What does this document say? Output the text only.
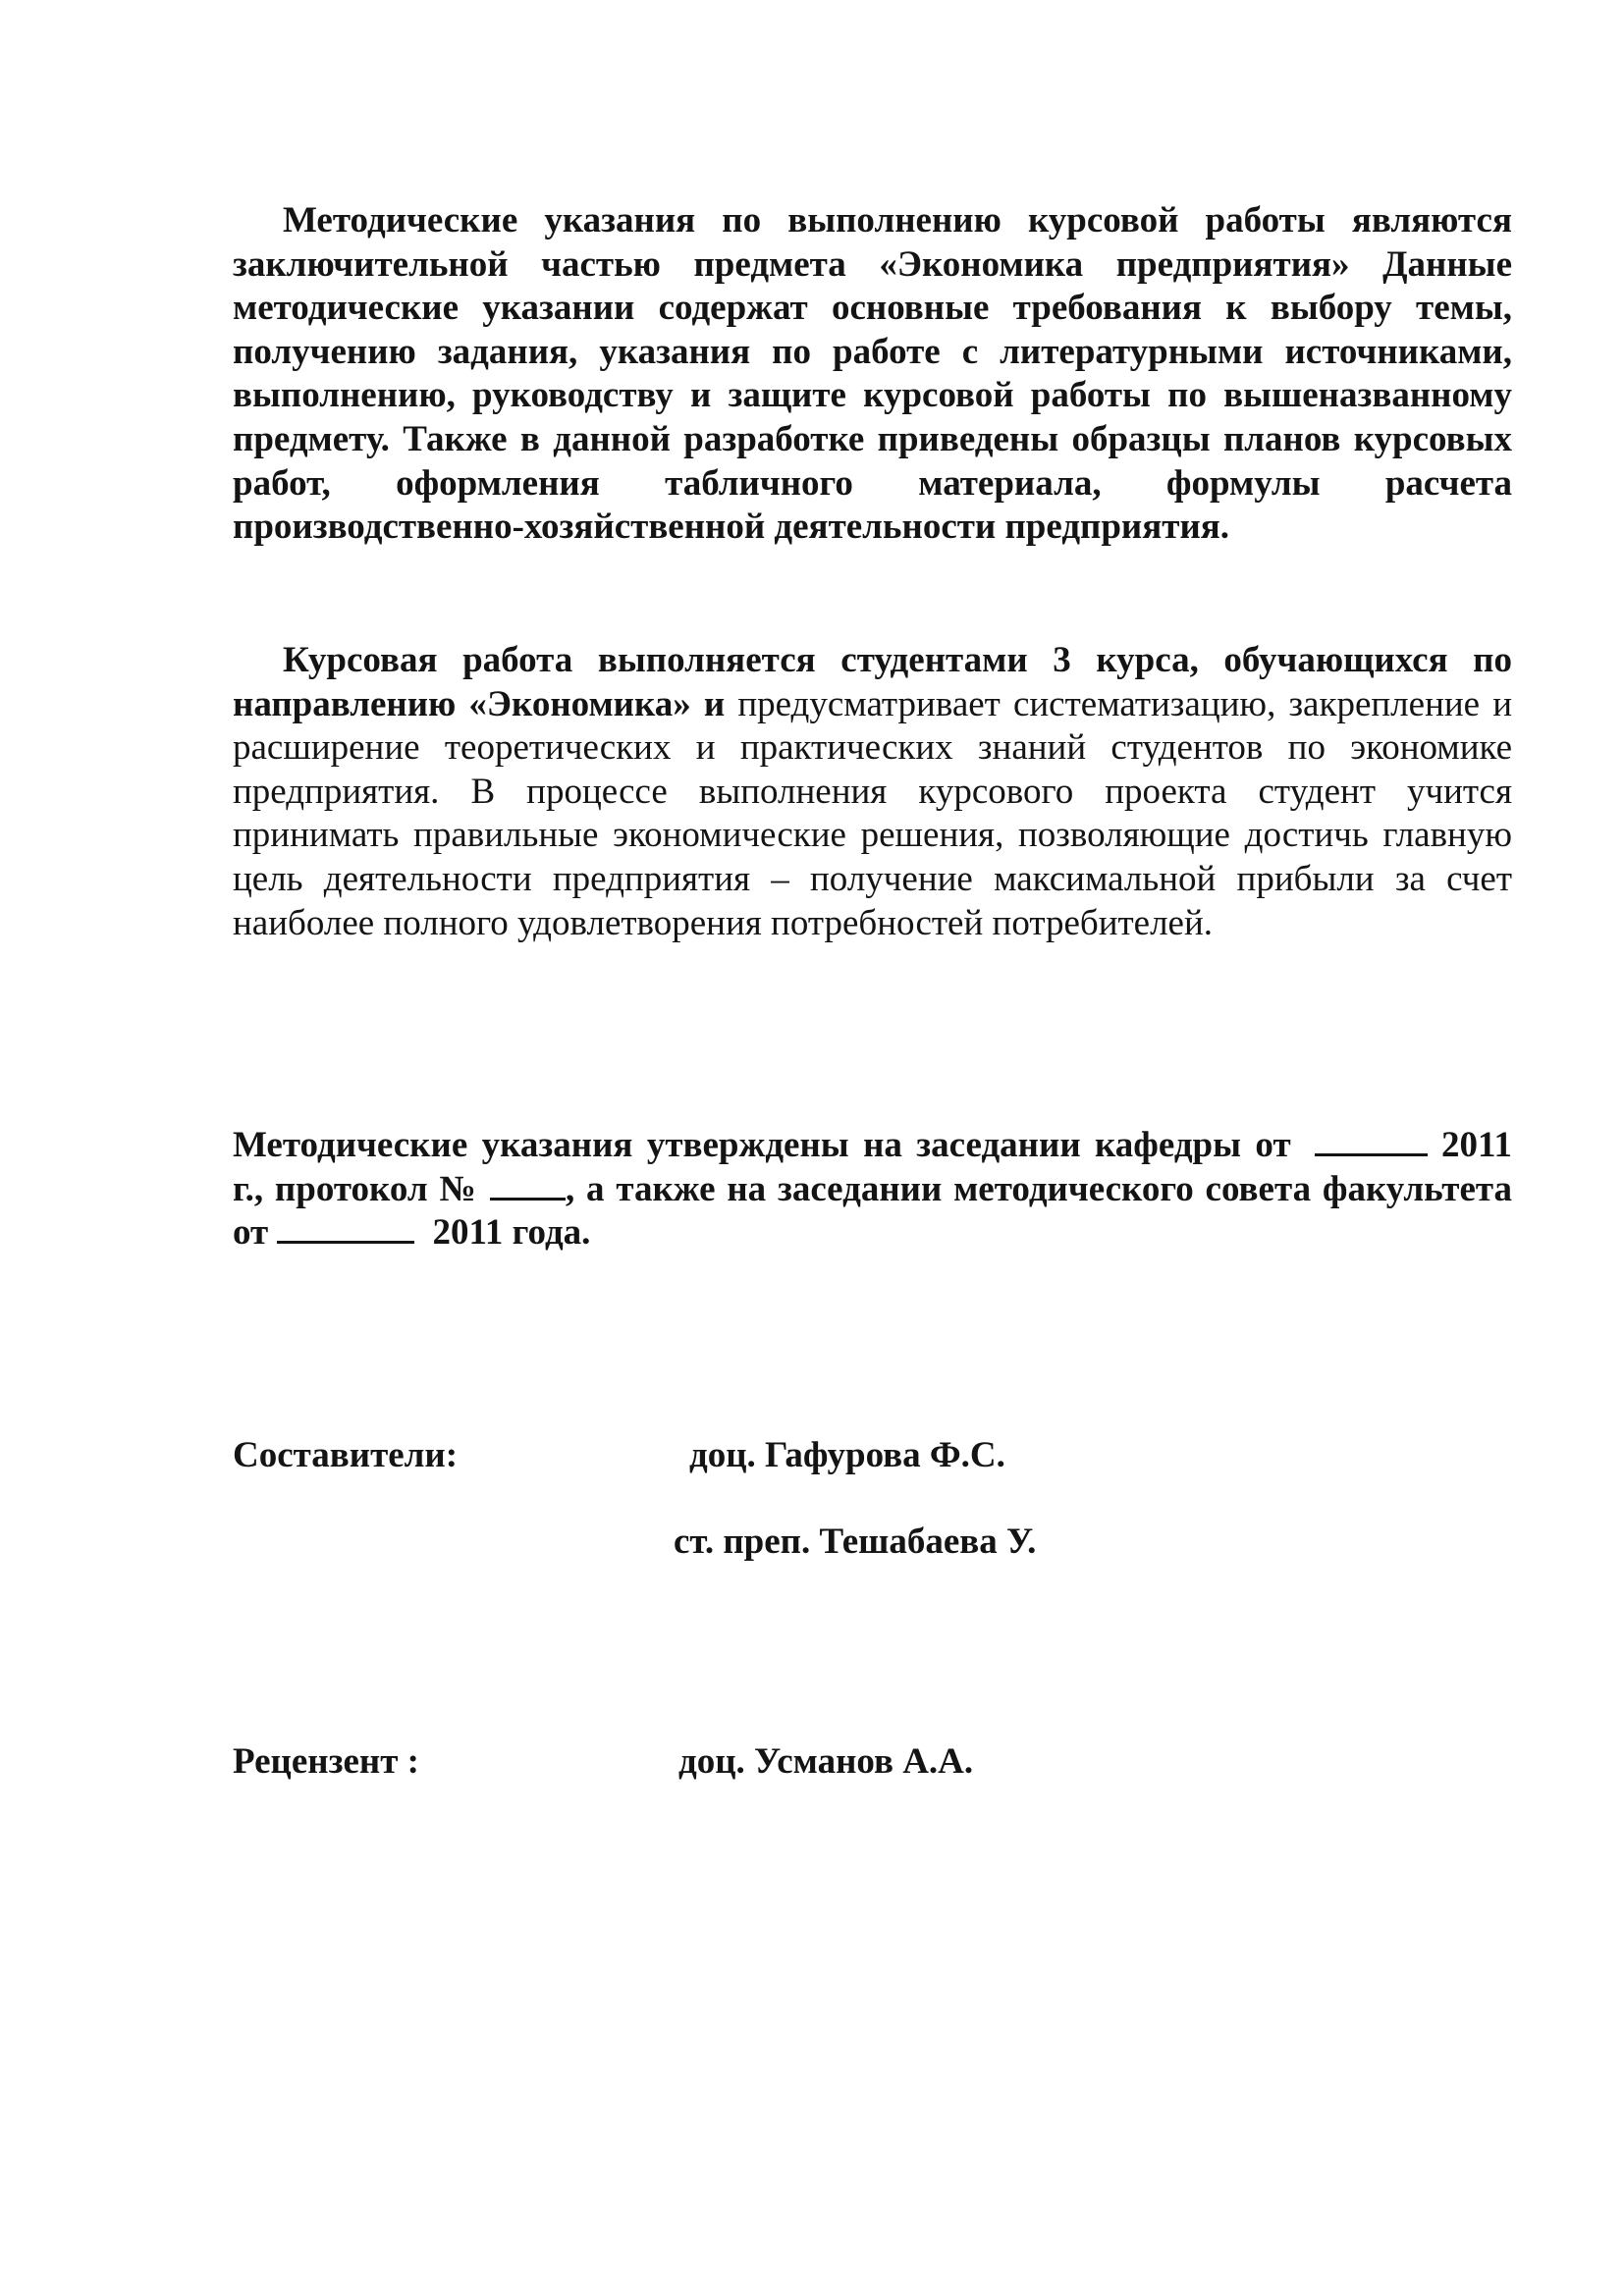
Методические указания по выполнению курсовой работы являются заключительной частью предмета «Экономика предприятия» Данные методические указании содержат основные требования к выбору темы, получению задания, указания по работе с литературными источниками, выполнению, руководству и защите курсовой работы по вышеназванному предмету. Также в данной разработке приведены образцы планов курсовых работ, оформления табличного материала, формулы расчета производственно-хозяйственной деятельности предприятия.

Курсовая работа выполняется студентами 3 курса, обучающихся по направлению «Экономика» и предусматривает систематизацию, закрепление и расширение теоретических и практических знаний студентов по экономике предприятия. В процессе выполнения курсового проекта студент учится принимать правильные экономические решения, позволяющие достичь главную цель деятельности предприятия – получение максимальной прибыли за счет наиболее полного удовлетворения потребностей потребителей.

Методические указания утверждены на заседании кафедры от	2011 г., протокол № , а также на заседании методического совета факультета от	2011 года.

Составители:	доц. Гафурова Ф.С.
ст. преп. Тешабаева У.
Рецензент :	доц. Усманов А.А.
